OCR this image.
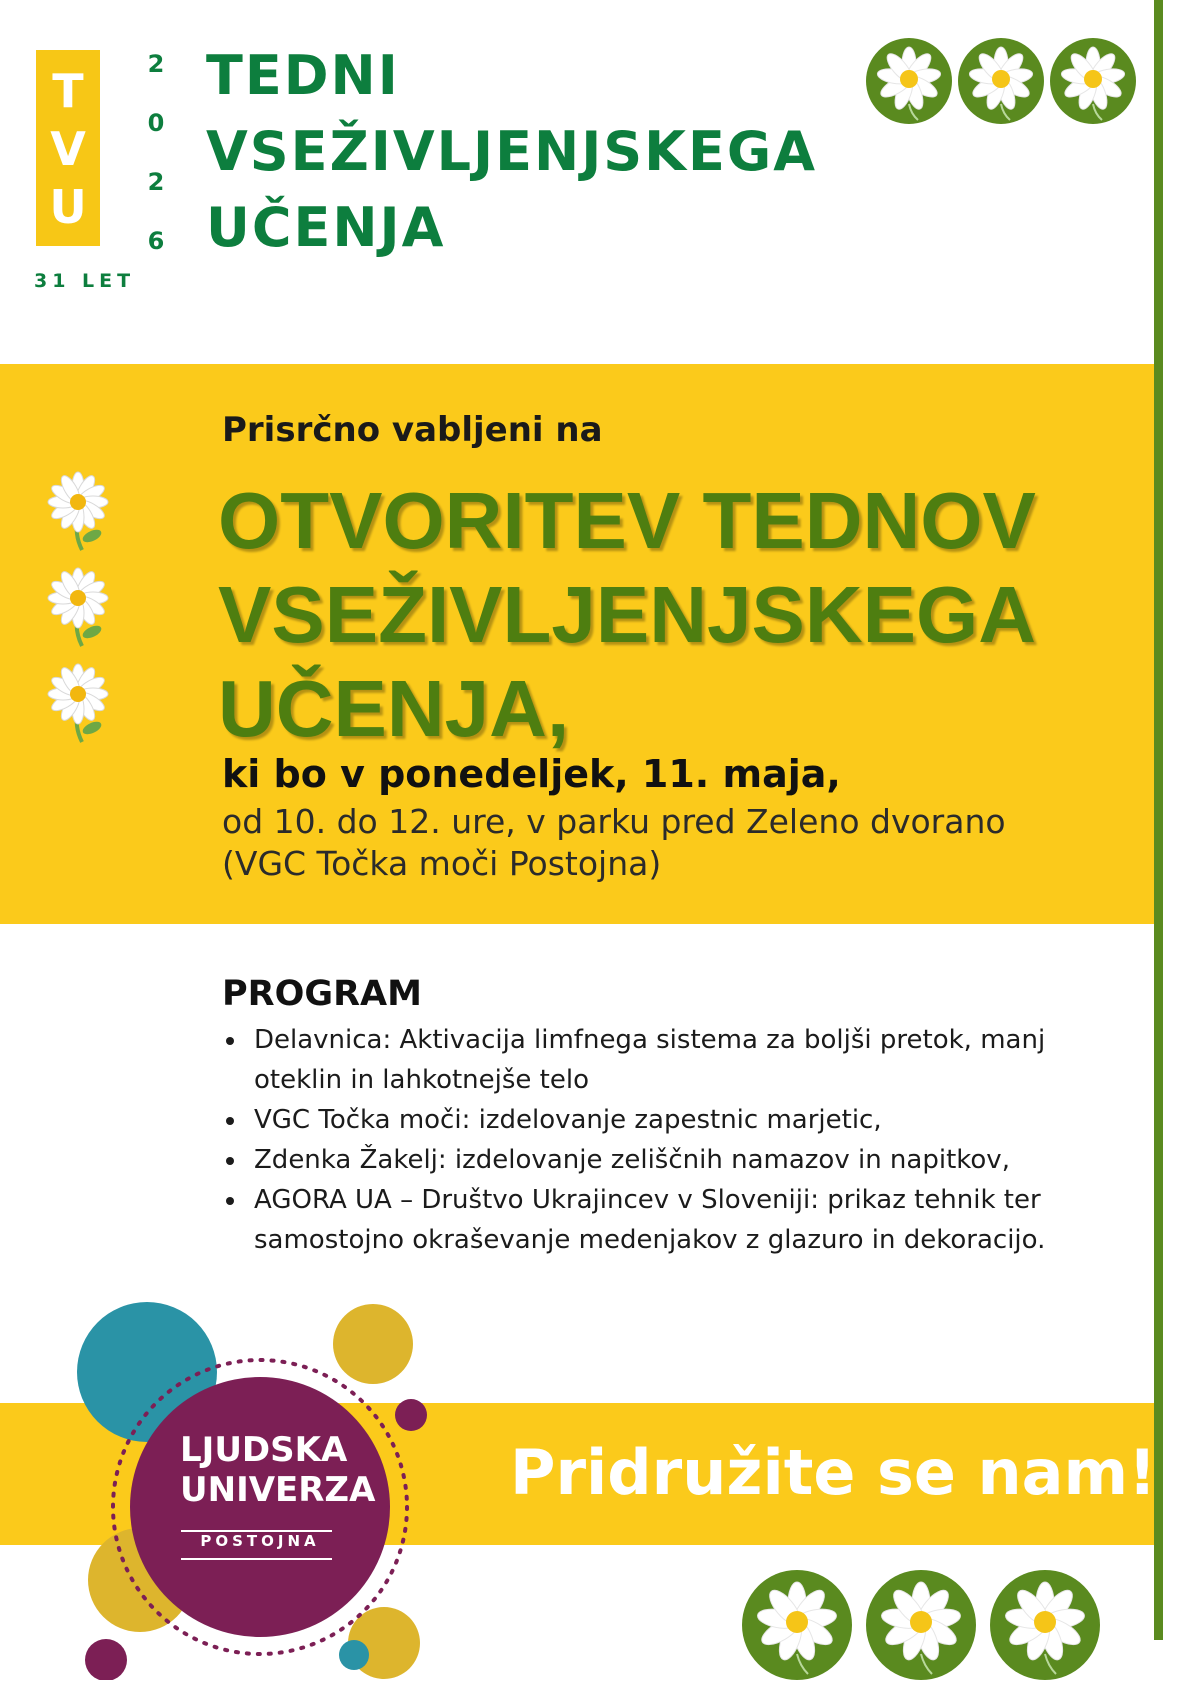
T
V
U
2
0
2
6
31 LET
TEDNI
VSEŽIVLJENJSKEGA
UČENJA
Prisrčno vabljeni na
OTVORITEV TEDNOV
VSEŽIVLJENJSKEGA
UČENJA,
ki bo v ponedeljek, 11. maja,
od 10. do 12. ure, v parku pred Zeleno dvorano
(VGC Točka moči Postojna)
PROGRAM
Delavnica: Aktivacija limfnega sistema za boljši pretok, manj
oteklin in lahkotnejše telo
VGC Točka moči: izdelovanje zapestnic marjetic,
Zdenka Žakelj: izdelovanje zeliščnih namazov in napitkov,
AGORA UA – Društvo Ukrajincev v Sloveniji: prikaz tehnik ter
samostojno okraševanje medenjakov z glazuro in dekoracijo.
Pridružite se nam!
LJUDSKA
UNIVERZA
POSTOJNA
